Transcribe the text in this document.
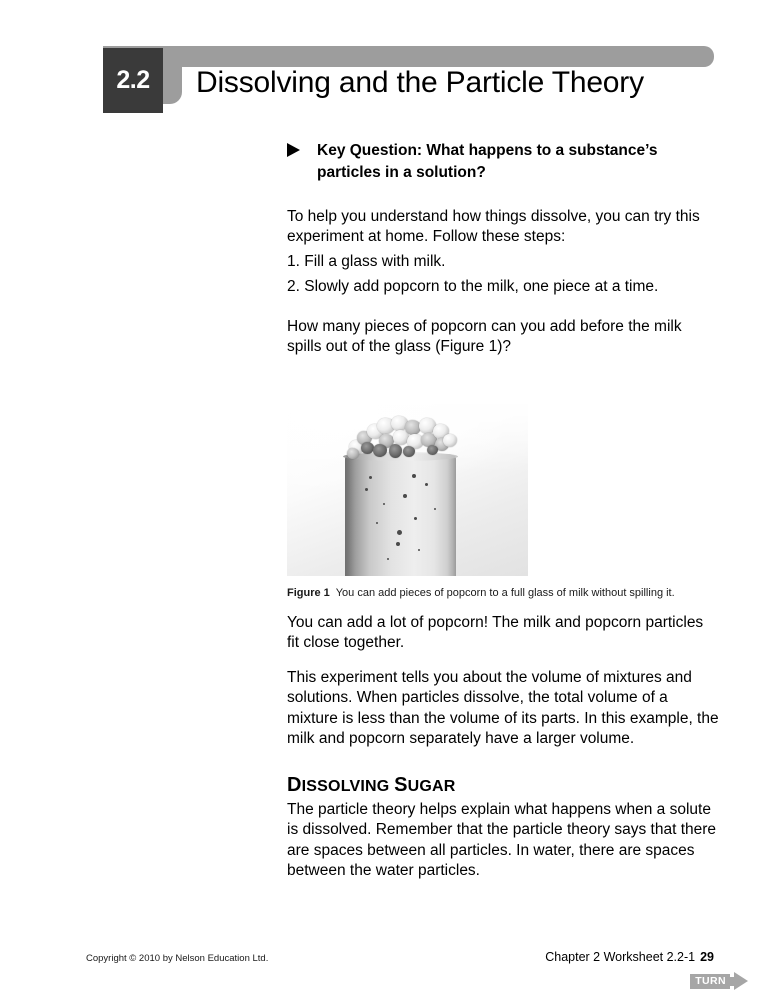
2.2 Dissolving and the Particle Theory
Key Question: What happens to a substance’s particles in a solution?

To help you understand how things dissolve, you can try this experiment at home. Follow these steps:

1. Fill a glass with milk.

2. Slowly add popcorn to the milk, one piece at a time.

How many pieces of popcorn can you add before the milk spills out of the glass (Figure 1)?

Figure 1 You can add pieces of popcorn to a full glass of milk without spilling it.

You can add a lot of popcorn! The milk and popcorn particles fit close together.

This experiment tells you about the volume of mixtures and solutions. When particles dissolve, the total volume of a mixture is less than the volume of its parts. In this example, the milk and popcorn separately have a larger volume.

DISSOLVING SUGAR

The particle theory helps explain what happens when a solute is dissolved. Remember that the particle theory says that there are spaces between all particles. In water, there are spaces between the water particles.

Copyright © 2010 by Nelson Education Ltd.	Chapter 2 Worksheet 2.2-1 29
TURN
